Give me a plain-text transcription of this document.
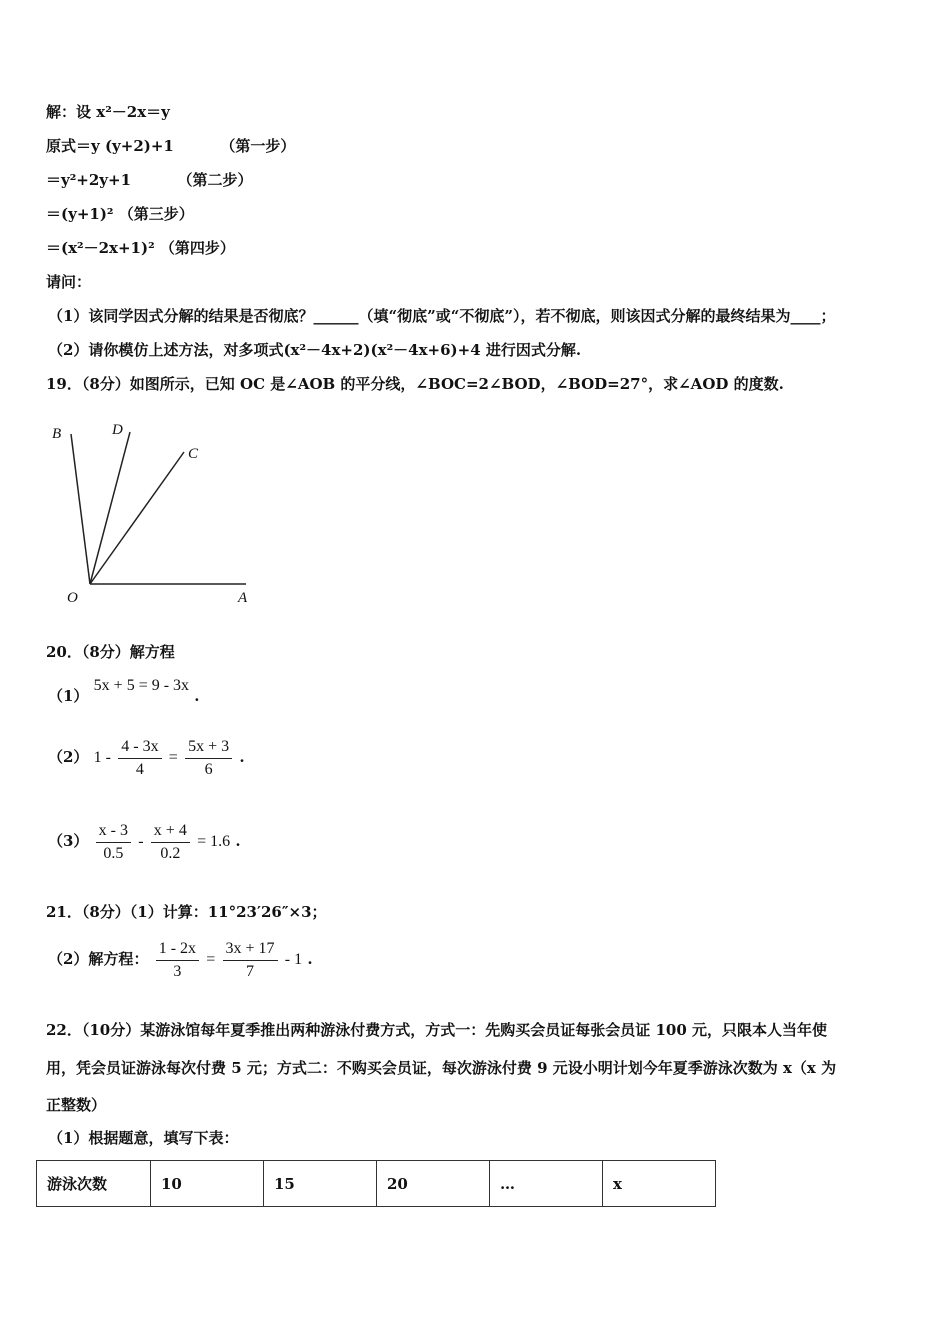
解：设 x²－2x＝y
原式＝y (y+2)+1	（第一步）
＝y²+2y+1	（第二步）
＝(y+1)² （第三步）
＝(x²－2x+1)² （第四步）
请问：
（1）该同学因式分解的结果是否彻底？______（填“彻底”或“不彻底”），若不彻底，则该因式分解的最终结果为____；
（2）请你模仿上述方法，对多项式(x²－4x+2)(x²－4x+6)+4 进行因式分解.
19．（8分）如图所示，已知 OC 是∠AOB 的平分线，∠BOC=2∠BOD，∠BOD=27°，求∠AOD 的度数.
B	D
C
O	A
20．（8分）解方程
（1） 5x + 5 = 9 - 3x .
（2） $1 - \frac{4 - 3x}{4} = \frac{5x + 3}{6}$ .
$(3) \frac{x - 3}{0.5} - \frac{x + 4}{0.2} = 1.6$ .
21．（8分）（1）计算：11°23′26″×3；
（2）解方程： $\frac{1 - 2x}{3} = \frac{3x + 17}{7} - 1$ .
22．（10分）某游泳馆每年夏季推出两种游泳付费方式，方式一：先购买会员证每张会员证 100 元，只限本人当年使
用，凭会员证游泳每次付费 5 元；方式二：不购买会员证，每次游泳付费 9 元设小明计划今年夏季游泳次数为 x（x 为
正整数）
（1）根据题意，填写下表：
游泳次数	10	15	20	…	x
